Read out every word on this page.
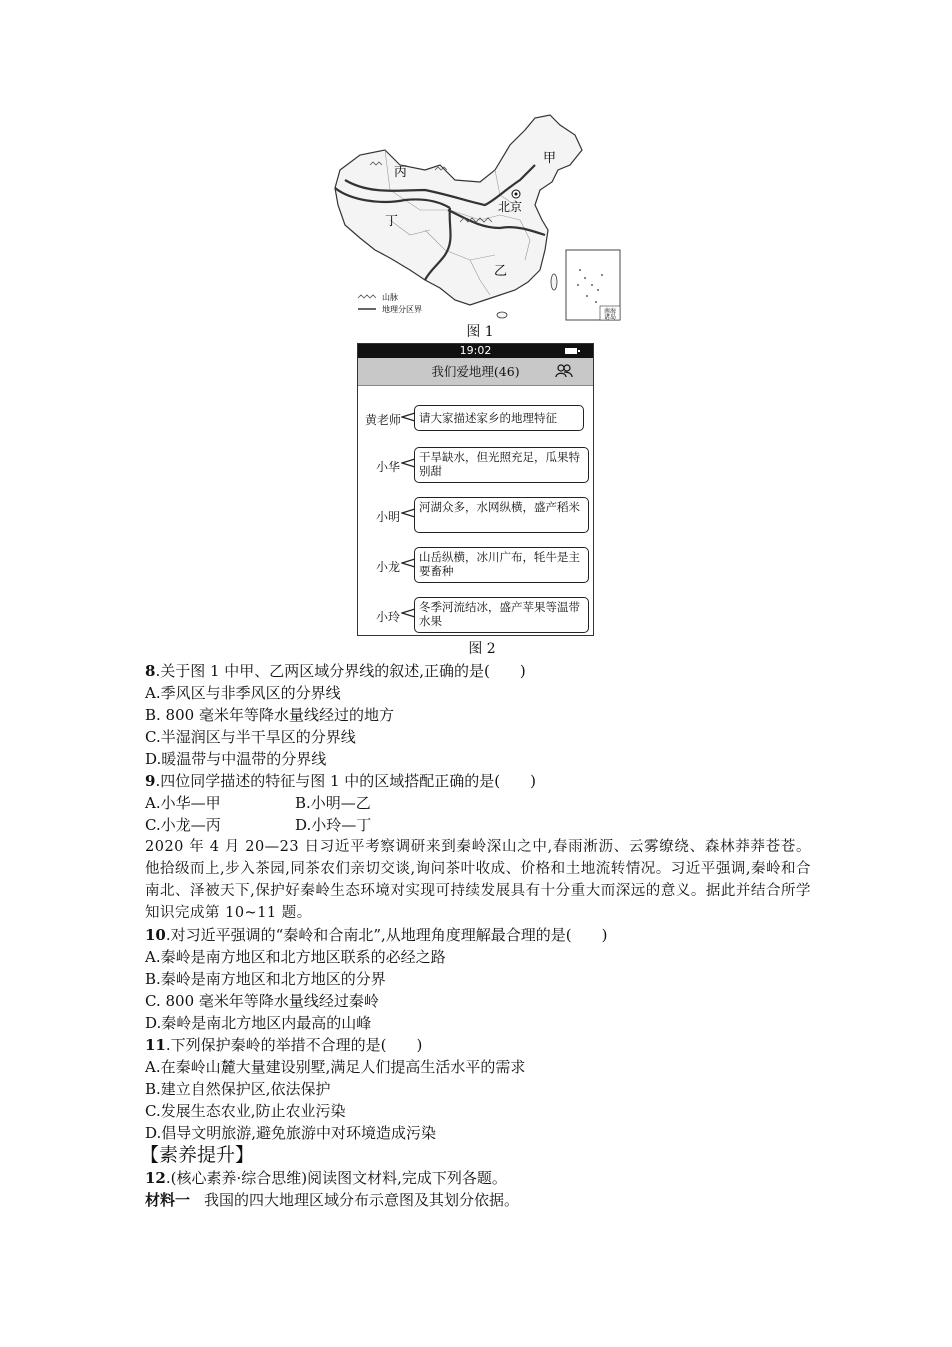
甲
乙
丙
丁
北京
山脉
地理分区界	南海
诸岛
图 1
19:02
我们爱地理(46)
黄老师	请大家描述家乡的地理特征
小华
干旱缺水，但光照充足，瓜果特别甜
小明
河湖众多，水网纵横，盛产稻米
小龙
山岳纵横，冰川广布，牦牛是主要畜种
小玲
冬季河流结冰，盛产苹果等温带水果
图 2
8.关于图 1 中甲、乙两区域分界线的叙述,正确的是(　　)
A.季风区与非季风区的分界线
B. 800 毫米年等降水量线经过的地方
C.半湿润区与半干旱区的分界线
D.暖温带与中温带的分界线
9.四位同学描述的特征与图 1 中的区域搭配正确的是(　　)
A.小华—甲	B.小明—乙
C.小龙—丙	D.小玲—丁
2020 年 4 月 20—23 日习近平考察调研来到秦岭深山之中,春雨淅沥、云雾缭绕、森林莽莽苍苍。他拾级而上,步入茶园,同茶农们亲切交谈,询问茶叶收成、价格和土地流转情况。习近平强调,秦岭和合南北、泽被天下,保护好秦岭生态环境对实现可持续发展具有十分重大而深远的意义。据此并结合所学知识完成第 10~11 题。
10.对习近平强调的“秦岭和合南北”,从地理角度理解最合理的是(　　)
A.秦岭是南方地区和北方地区联系的必经之路
B.秦岭是南方地区和北方地区的分界
C. 800 毫米年等降水量线经过秦岭
D.秦岭是南北方地区内最高的山峰
11.下列保护秦岭的举措不合理的是(　　)
A.在秦岭山麓大量建设别墅,满足人们提高生活水平的需求
B.建立自然保护区,依法保护
C.发展生态农业,防止农业污染
D.倡导文明旅游,避免旅游中对环境造成污染
【素养提升】
12.(核心素养·综合思维)阅读图文材料,完成下列各题。
材料一 我国的四大地理区域分布示意图及其划分依据。
